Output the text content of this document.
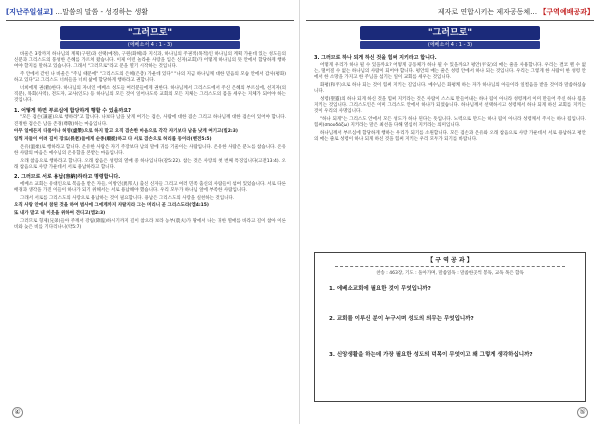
[지난주일설교] …말씀의 말씀 - 성경하는 생활
"그러므로"
(에베소서 4 : 1 - 3)

바울은 3장까지 하나님의 계획(구원)과 선택(예정), 구원(화해)과 지식과, 하나님의 주권적(목적)인 하나님의 계획 가운데 있는 성도들의 신분과 그리스도의 풍성한 은혜를 가르쳐 왔습니다. 이제 이런 놀라운 사랑을 입은 신자(교회)가 어떻게 하나님의 뜻 안에서 합당하게 행하여야 할지를 말하고 있습니다. 그래서 "그러므로"라고 문을 열기 시작하는 것입니다.

주 안에서 갇힌 나 바울은 "주님 때문에" "그리스도의 은혜(은총) 가운데 있다" "나의 지금 하나님께 대한 믿음의 모습 안에서 감사(평화)하고 있다"고 그리스도 너희들을 너희 삶에 합당하게 행하라고 권합니다.

너희에게 권(勸)한다. 하나님의 자녀인 에베소 성도들 여러분들에게 권한다. 하나님께서 그리스도에서 주신 은혜의 부르심에, 선지자(의 직분), 목회(사역), 전도자, 교사(인도) 등 하나님의 모든 것이 일어나도록 교회의 모든 지체는 그리스도의 몸을 세우는 지체가 되어야 하는 것입니다.

1. 어떻게 하면 부르심에 합당하게 행할 수 있을까요?

"모든 겸손(謙遜)으로 행하라"고 합니다. 나보다 남을 낫게 여기는 겸손, 사람에 대한 겸손 그리고 하나님께 대한 겸손이 있어야 합니다. 진정한 겸손은 남을 존경(尊敬)하는 마음입니다.

아무 일에든지 다툼이나 허영(虛榮)으로 하지 말고 오직 겸손한 마음으로 각각 자기보다 남을 낫게 여기고(빌2:3)

일찍 자들이 어려 깊이 장로(長老)들에게 순종(順從)하고 다 서로 겸손으로 허리를 동이라(벧전5:5)

온유(溫柔)로 행하라고 합니다. 온유한 사람은 자기 주장보다 남의 말에 귀를 기울이는 사람입니다. 온유한 사람은 분노를 참습니다. 온유한 사람의 마음은 예수님의 온유함을 본받는 마음입니다.

오래 참음으로 행하라고 합니다. 오래 참음은 성령의 열매 중 하나입니다(갈5:22). 참는 것은 사랑의 첫 번째 특징입니다(고전13:4). 오래 참음으로 사랑 가운데서 서로 용납하라고 합니다.

2. 그러므로 서로 용납(容納)하라고 명령합니다.

에베소 교회는 유대인으로 복음을 받은 자들, 이방인(異邦人) 출신 신자들 그리고 여러 민족 출신의 사람들이 섞여 있었습니다. 서로 다른 배경과 생각을 가진 이들이 하나가 되기 위해서는 서로 용납해야 했습니다. 우리 모두가 하나님 앞에 부족한 사람입니다.

그래서 서로를 그리스도의 사랑으로 용납하는 것이 필요합니다. 용납은 그리스도의 사랑을 실천하는 것입니다.

오직 사랑 안에서 참된 것을 하여 범사에 그에게까지 자랄지라 그는 머리니 곧 그리스도라(엡4:15)

또 내가 말고 내 이웃을 위하여 견디고(엡2:3)

그러므로 형제(兄弟)들아 주께서 강림(降臨)하시기까지 길이 참으라 보라 농부(農夫)가 땅에서 나는 귀한 열매를 바라고 길이 참아 이른 비와 늦은 비를 기다리나니(약5:7)

④
제자로 연합시키는 제자공동체… 【구역예배공과】
"그러므로"
(에베소서 4 : 1 - 3)

3. 그러므로 하나 되게 하신 것을 힘써 지키라고 합니다.

어떻게 우리가 하나 될 수 있을까요? 어떻게 공동체가 하나 될 수 있을까요? 평안(平安)의 매는 줄을 사용합니다. 우리는 결코 뗄 수 없는, 떨어질 수 없는 하나님의 사람이 되어야 합니다. 평안의 매는 줄은 성령 안에서 하나 되는 것입니다. 우리는 그렇게 한 사람이 한 성령 안에서 한 소망을 가지고 한 주님을 섬기는 일이 교회를 세우는 것입니다.

화평(和平)으로 하나 되는 것이 힘써 지키는 길입니다. 예수님은 화평케 하는 자가 하나님의 아들이라 일컬음을 받을 것이라 말씀하셨습니다.

성령(聖靈)의 하나 되게 하신 것을 힘써 지키라는 것은 사람이 스스로 만들어내는 하나 됨이 아니라 성령께서 이미 만들어 주신 하나 됨을 지키는 것입니다. 그리스도인은 이미 그리스도 안에서 하나가 되었습니다. 하나님께서 선택하시고 성령께서 하나 되게 하신 교회를 지키는 것이 우리의 사명입니다.

"하나 되게"는 그리스도 안에서 모든 성도가 하나 된다는 뜻입니다. 노력으로 만드는 하나 됨이 아니라 성령께서 주시는 하나 됨입니다. 힘써(σπουδάζω) 지키라는 말은 최선을 다해 열심히 지키라는 의미입니다.

하나님께서 부르심에 합당하게 행하는 우리가 되기를 소원합니다. 모든 겸손과 온유와 오래 참음으로 사랑 가운데서 서로 용납하고 평안의 매는 줄로 성령이 하나 되게 하신 것을 힘써 지키는 우리 모두가 되기를 바랍니다.

【 구 역 공 과 】
찬송 : 463장, 기도 : 돌아가며, 말씀읽독 : 말씀한곳씩 봉독, 교독 목은 합독
1. 에베소교회에 필요한 것이 무엇입니까?
2. 교회를 이루신 분이 누구시며 성도의 의무는 무엇입니까?
3. 신앙생활을 하는데 가장 필요한 성도의 덕목이 무엇이고 왜 그렇게 생각하십니까?
⑤
